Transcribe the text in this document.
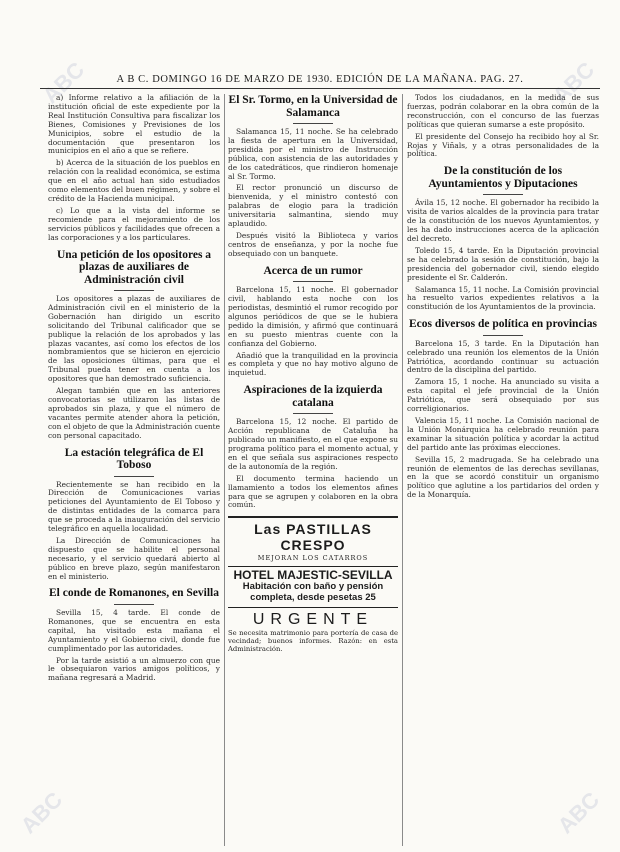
ABC	ABC
ABC	ABC
A B C. DOMINGO 16 DE MARZO DE 1930. EDICIÓN DE LA MAÑANA. PAG. 27.

a) Informe relativo a la afiliación de la institución oficial de este expediente por la Real Institución Consultiva para fiscalizar los Bienes, Comisiones y Previsiones de los Municipios, sobre el estudio de la documentación que presentaron los municipios en el año a que se refiere.

b) Acerca de la situación de los pueblos en relación con la realidad económica, se estima que en el año actual han sido estudiados como elementos del buen régimen, y sobre el crédito de la Hacienda municipal.

c) Lo que a la vista del informe se recomiende para el mejoramiento de los servicios públicos y facilidades que ofrecen a las corporaciones y a los particulares.

Una petición de los opositores a plazas de auxiliares de Administración civil

Los opositores a plazas de auxiliares de Administración civil en el ministerio de la Gobernación han dirigido un escrito solicitando del Tribunal calificador que se publique la relación de los aprobados y las plazas vacantes, así como los efectos de los nombramientos que se hicieron en ejercicio de las oposiciones últimas, para que el Tribunal pueda tener en cuenta a los opositores que han demostrado suficiencia.

Alegan también que en las anteriores convocatorias se utilizaron las listas de aprobados sin plaza, y que el número de vacantes permite atender ahora la petición, con el objeto de que la Administración cuente con personal capacitado.

La estación telegráfica de El Toboso

Recientemente se han recibido en la Dirección de Comunicaciones varias peticiones del Ayuntamiento de El Toboso y de distintas entidades de la comarca para que se proceda a la inauguración del servicio telegráfico en aquella localidad.

La Dirección de Comunicaciones ha dispuesto que se habilite el personal necesario, y el servicio quedará abierto al público en breve plazo, según manifestaron en el ministerio.

El conde de Romanones, en Sevilla

Sevilla 15, 4 tarde. El conde de Romanones, que se encuentra en esta capital, ha visitado esta mañana el Ayuntamiento y el Gobierno civil, donde fue cumplimentado por las autoridades.

Por la tarde asistió a un almuerzo con que le obsequiaron varios amigos políticos, y mañana regresará a Madrid.

El Sr. Tormo, en la Universidad de Salamanca

Salamanca 15, 11 noche. Se ha celebrado la fiesta de apertura en la Universidad, presidida por el ministro de Instrucción pública, con asistencia de las autoridades y de los catedráticos, que rindieron homenaje al Sr. Tormo.

El rector pronunció un discurso de bienvenida, y el ministro contestó con palabras de elogio para la tradición universitaria salmantina, siendo muy aplaudido.

Después visitó la Biblioteca y varios centros de enseñanza, y por la noche fue obsequiado con un banquete.

Acerca de un rumor

Barcelona 15, 11 noche. El gobernador civil, hablando esta noche con los periodistas, desmintió el rumor recogido por algunos periódicos de que se le hubiera pedido la dimisión, y afirmó que continuará en su puesto mientras cuente con la confianza del Gobierno.

Añadió que la tranquilidad en la provincia es completa y que no hay motivo alguno de inquietud.

Aspiraciones de la izquierda catalana

Barcelona 15, 12 noche. El partido de Acción republicana de Cataluña ha publicado un manifiesto, en el que expone su programa político para el momento actual, y en el que señala sus aspiraciones respecto de la autonomía de la región.

El documento termina haciendo un llamamiento a todos los elementos afines para que se agrupen y colaboren en la obra común.

Las PASTILLAS CRESPO
MEJORAN LOS CATARROS
HOTEL MAJESTIC-SEVILLA
Habitación con baño y pensión completa, desde pesetas 25
URGENTE
Se necesita matrimonio para portería de casa de vecindad; buenos informes. Razón: en esta Administración.

Todos los ciudadanos, en la medida de sus fuerzas, podrán colaborar en la obra común de la reconstrucción, con el concurso de las fuerzas políticas que quieran sumarse a este propósito.

El presidente del Consejo ha recibido hoy al Sr. Rojas y Viñals, y a otras personalidades de la política.

De la constitución de los Ayuntamientos y Diputaciones

Ávila 15, 12 noche. El gobernador ha recibido la visita de varios alcaldes de la provincia para tratar de la constitución de los nuevos Ayuntamientos, y les ha dado instrucciones acerca de la aplicación del decreto.

Toledo 15, 4 tarde. En la Diputación provincial se ha celebrado la sesión de constitución, bajo la presidencia del gobernador civil, siendo elegido presidente el Sr. Calderón.

Salamanca 15, 11 noche. La Comisión provincial ha resuelto varios expedientes relativos a la constitución de los Ayuntamientos de la provincia.

Ecos diversos de política en provincias

Barcelona 15, 3 tarde. En la Diputación han celebrado una reunión los elementos de la Unión Patriótica, acordando continuar su actuación dentro de la disciplina del partido.

Zamora 15, 1 noche. Ha anunciado su visita a esta capital el jefe provincial de la Unión Patriótica, que será obsequiado por sus correligionarios.

Valencia 15, 11 noche. La Comisión nacional de la Unión Monárquica ha celebrado reunión para examinar la situación política y acordar la actitud del partido ante las próximas elecciones.

Sevilla 15, 2 madrugada. Se ha celebrado una reunión de elementos de las derechas sevillanas, en la que se acordó constituir un organismo político que aglutine a los partidarios del orden y de la Monarquía.
